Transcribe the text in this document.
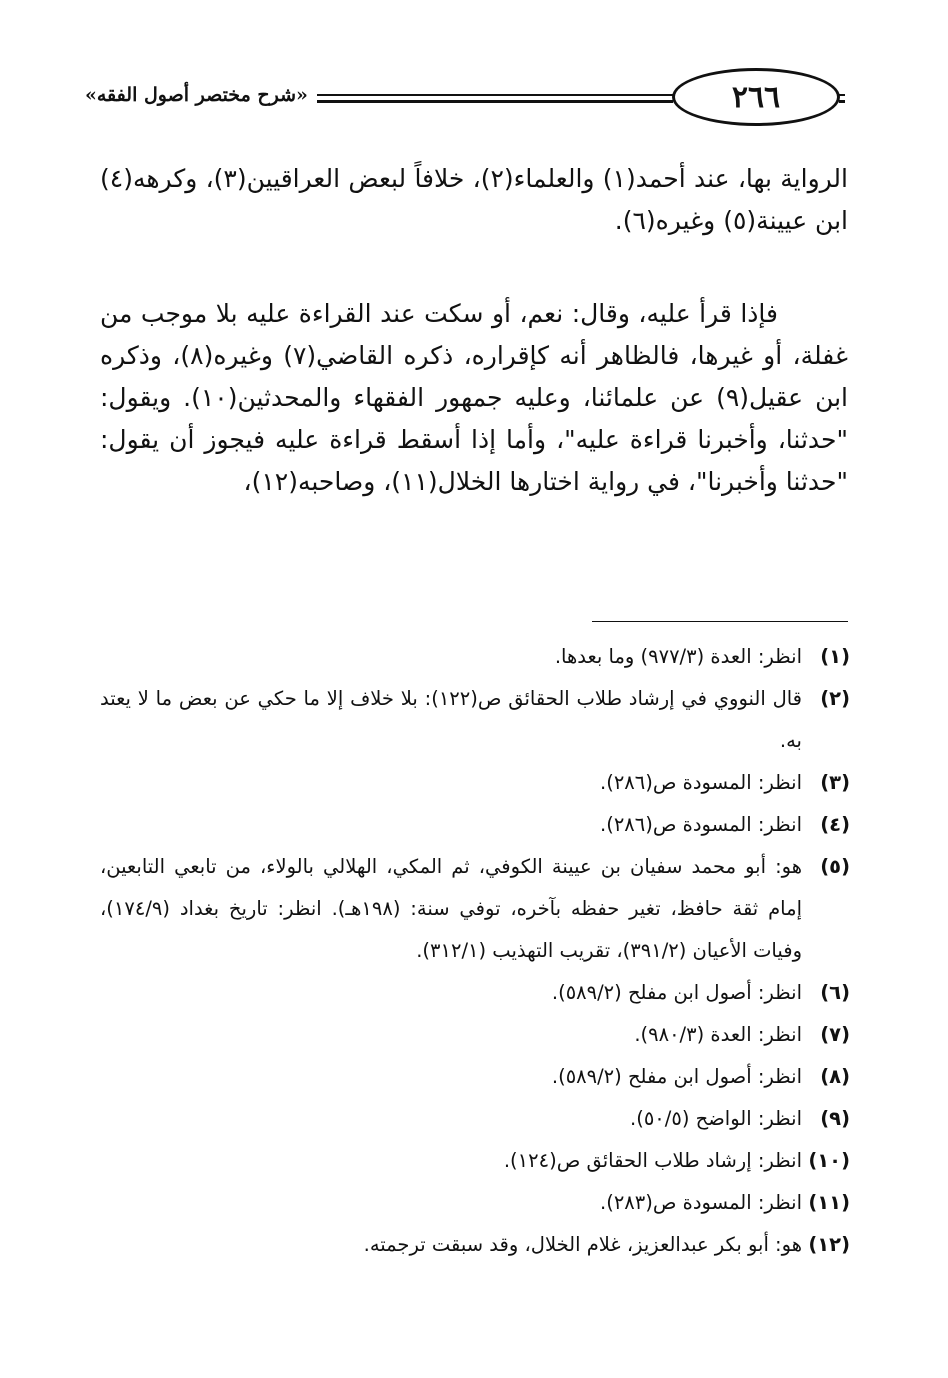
٢٦٦
«شرح مختصر أصول الفقه»
الرواية بها، عند أحمد(١) والعلماء(٢)، خلافاً لبعض العراقيين(٣)، وكرهه(٤) ابن عيينة(٥) وغيره(٦).
فإذا قرأ عليه، وقال: نعم، أو سكت عند القراءة عليه بلا موجب من غفلة، أو غيرها، فالظاهر أنه كإقراره، ذكره القاضي(٧) وغيره(٨)، وذكره ابن عقيل(٩) عن علمائنا، وعليه جمهور الفقهاء والمحدثين(١٠). ويقول: "حدثنا، وأخبرنا قراءة عليه"، وأما إذا أسقط قراءة عليه فيجوز أن يقول: "حدثنا وأخبرنا"، في رواية اختارها الخلال(١١)، وصاحبه(١٢)،
(١)
انظر: العدة (٩٧٧/٣) وما بعدها.
(٢)
قال النووي في إرشاد طلاب الحقائق ص(١٢٢): بلا خلاف إلا ما حكي عن بعض ما لا يعتد به.
(٣)
انظر: المسودة ص(٢٨٦).
(٤)
انظر: المسودة ص(٢٨٦).
(٥)
هو: أبو محمد سفيان بن عيينة الكوفي، ثم المكي، الهلالي بالولاء، من تابعي التابعين، إمام ثقة حافظ، تغير حفظه بآخره، توفي سنة: (١٩٨هـ). انظر: تاريخ بغداد (١٧٤/٩)، وفيات الأعيان (٣٩١/٢)، تقريب التهذيب (٣١٢/١).
(٦)
انظر: أصول ابن مفلح (٥٨٩/٢).
(٧)
انظر: العدة (٩٨٠/٣).
(٨)
انظر: أصول ابن مفلح (٥٨٩/٢).
(٩)
انظر: الواضح (٥٠/٥).
(١٠)
انظر: إرشاد طلاب الحقائق ص(١٢٤).
(١١)
انظر: المسودة ص(٢٨٣).
(١٢)
هو: أبو بكر عبدالعزيز، غلام الخلال، وقد سبقت ترجمته.
